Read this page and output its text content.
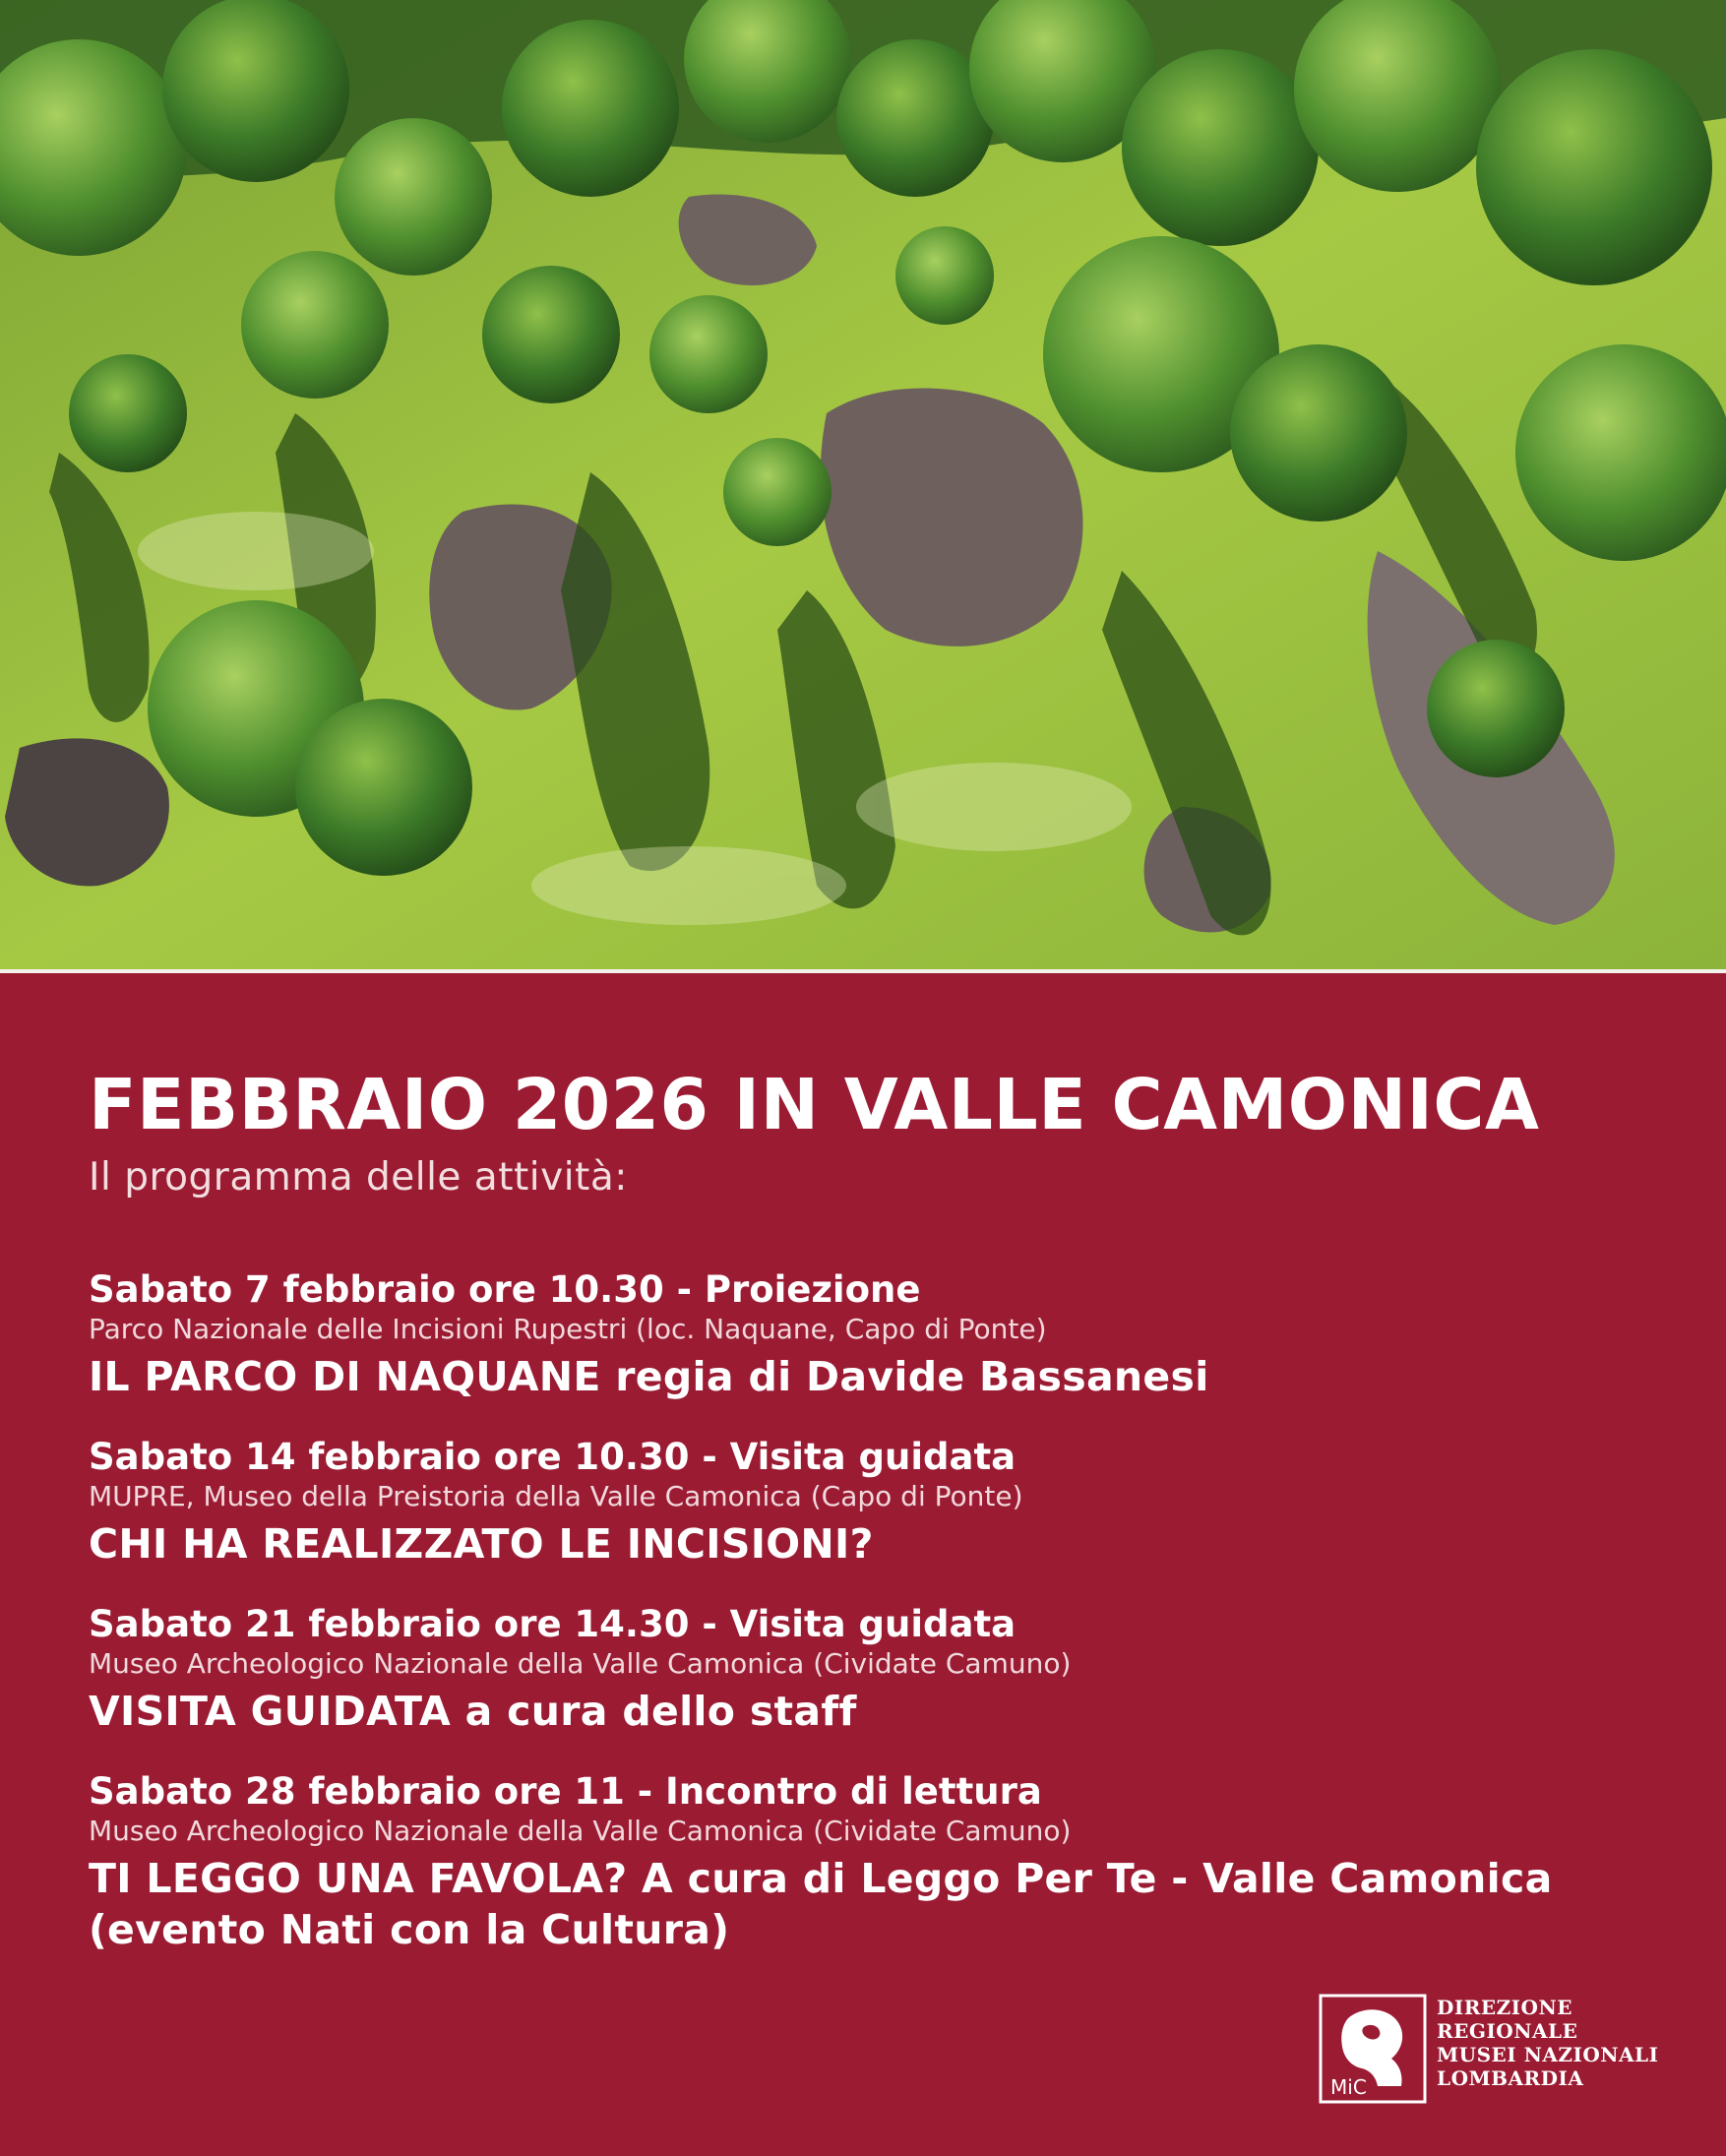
FEBBRAIO 2026 IN VALLE CAMONICA

Il programma delle attività:

Sabato 7 febbraio ore 10.30 - Proiezione
Parco Nazionale delle Incisioni Rupestri (loc. Naquane, Capo di Ponte)
IL PARCO DI NAQUANE regia di Davide Bassanesi
Sabato 14 febbraio ore 10.30 - Visita guidata
MUPRE, Museo della Preistoria della Valle Camonica (Capo di Ponte)
CHI HA REALIZZATO LE INCISIONI?
Sabato 21 febbraio ore 14.30 - Visita guidata
Museo Archeologico Nazionale della Valle Camonica (Cividate Camuno)
VISITA GUIDATA a cura dello staff
Sabato 28 febbraio ore 11 - Incontro di lettura
Museo Archeologico Nazionale della Valle Camonica (Cividate Camuno)
TI LEGGO UNA FAVOLA? A cura di Leggo Per Te - Valle Camonica
(evento Nati con la Cultura)
MiC
DIREZIONE
REGIONALE
MUSEI NAZIONALI
LOMBARDIA
